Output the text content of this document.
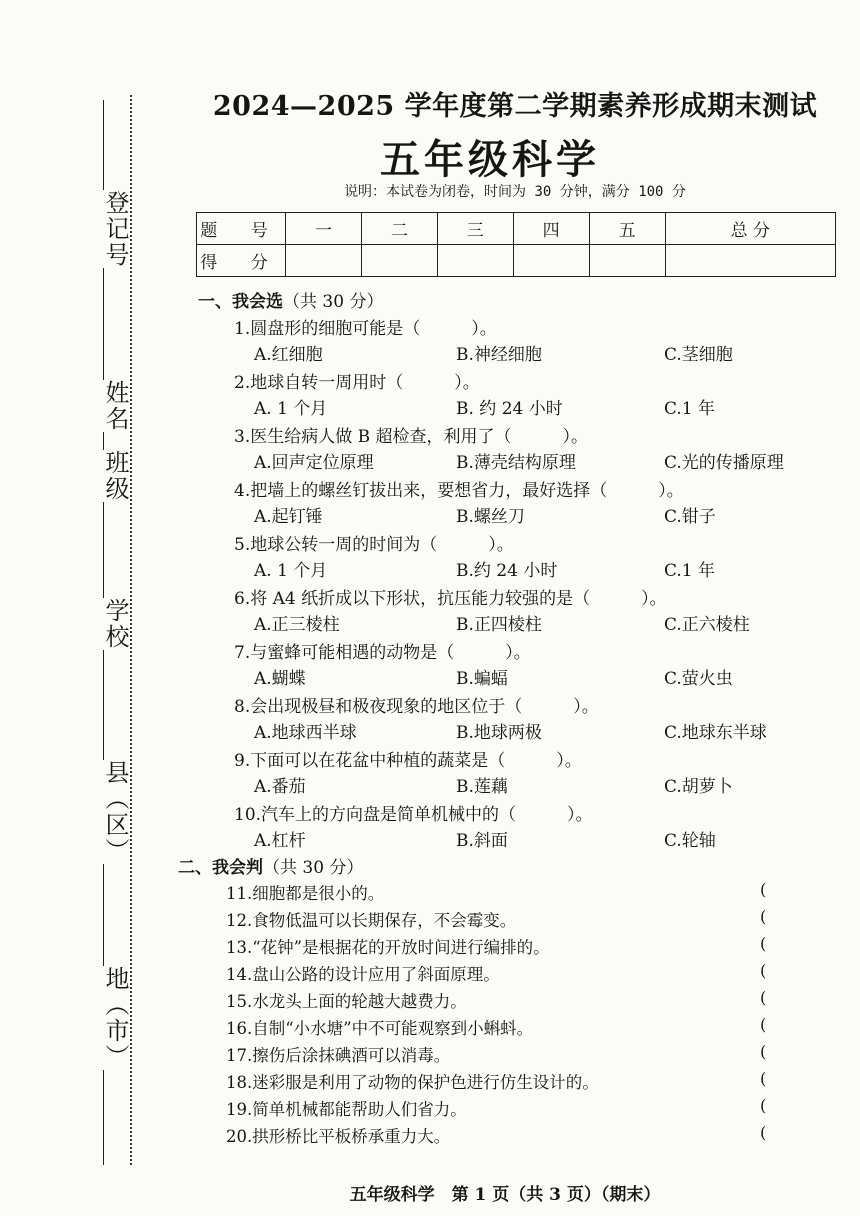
登记号
姓名
班级
学校
县（区）
地（市）
2024—2025 学年度第二学期素养形成期末测试
五年级科学
说明：本试卷为闭卷，时间为 30 分钟，满分 100 分
题 号	一	二	三	四	五	总 分
得 分						
一、我会选（共 30 分）
1.圆盘形的细胞可能是（　　　）。
A.红细胞	B.神经细胞	C.茎细胞
2.地球自转一周用时（　　　）。
A. 1 个月	B. 约 24 小时	C.1 年
3.医生给病人做 B 超检查，利用了（　　　）。
A.回声定位原理	B.薄壳结构原理	C.光的传播原理
4.把墙上的螺丝钉拔出来，要想省力，最好选择（　　　）。
A.起钉锤	B.螺丝刀	C.钳子
5.地球公转一周的时间为（　　　）。
A. 1 个月	B.约 24 小时	C.1 年
6.将 A4 纸折成以下形状，抗压能力较强的是（　　　）。
A.正三棱柱	B.正四棱柱	C.正六棱柱
7.与蜜蜂可能相遇的动物是（　　　）。
A.蝴蝶	B.蝙蝠	C.萤火虫
8.会出现极昼和极夜现象的地区位于（　　　）。
A.地球西半球	B.地球两极	C.地球东半球
9.下面可以在花盆中种植的蔬菜是（　　　）。
A.番茄	B.莲藕	C.胡萝卜
10.汽车上的方向盘是简单机械中的（　　　）。
A.杠杆	B.斜面	C.轮轴
二、我会判（共 30 分）
11.细胞都是很小的。	(
12.食物低温可以长期保存，不会霉变。	(
13.“花钟”是根据花的开放时间进行编排的。	(
14.盘山公路的设计应用了斜面原理。	(
15.水龙头上面的轮越大越费力。	(
16.自制“小水塘”中不可能观察到小蝌蚪。	(
17.擦伤后涂抹碘酒可以消毒。	(
18.迷彩服是利用了动物的保护色进行仿生设计的。	(
19.简单机械都能帮助人们省力。	(
20.拱形桥比平板桥承重力大。	(
五年级科学　第 1 页（共 3 页）（期末）
